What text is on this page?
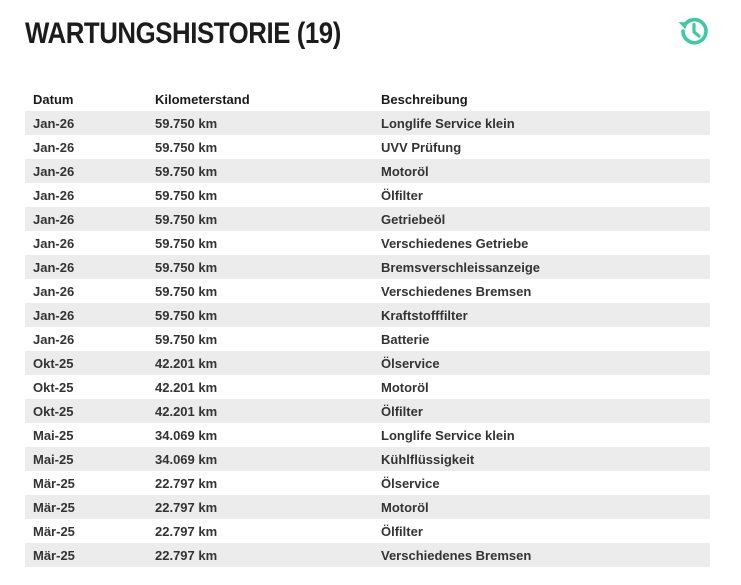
WARTUNGSHISTORIE (19)
Datum	Kilometerstand	Beschreibung
Jan-26	59.750 km	Longlife Service klein
Jan-26	59.750 km	UVV Prüfung
Jan-26	59.750 km	Motoröl
Jan-26	59.750 km	Ölfilter
Jan-26	59.750 km	Getriebeöl
Jan-26	59.750 km	Verschiedenes Getriebe
Jan-26	59.750 km	Bremsverschleissanzeige
Jan-26	59.750 km	Verschiedenes Bremsen
Jan-26	59.750 km	Kraftstofffilter
Jan-26	59.750 km	Batterie
Okt-25	42.201 km	Ölservice
Okt-25	42.201 km	Motoröl
Okt-25	42.201 km	Ölfilter
Mai-25	34.069 km	Longlife Service klein
Mai-25	34.069 km	Kühlflüssigkeit
Mär-25	22.797 km	Ölservice
Mär-25	22.797 km	Motoröl
Mär-25	22.797 km	Ölfilter
Mär-25	22.797 km	Verschiedenes Bremsen
